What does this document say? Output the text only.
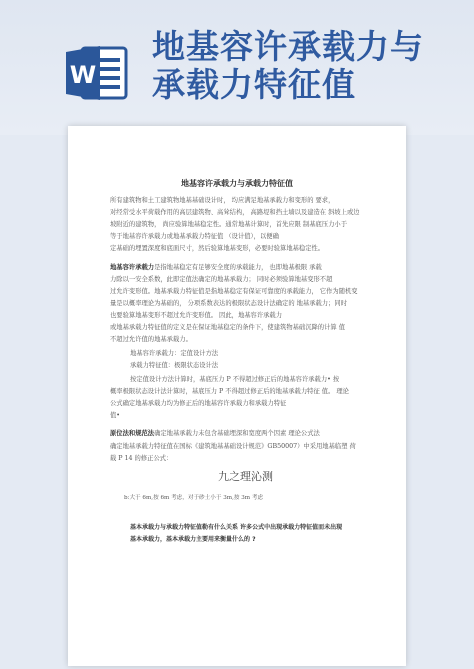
W
地基容许承载力与
承载力特征值
地基容许承载力与承载力特征值
所有建筑物和土工建筑物地基基础设计时， 均应满足地基承载力和变形的 要求，
对经常受水平荷载作用的高层建筑物、高耸结构， 高路堤和挡土墙以及建造在 斜坡上或边
坡附近的建筑物， 尚应验算地基稳定性。通常地基计算时，首先应限 制基底压力小于
等于地基容许承载力或地基承载力特征值 （设计值），以便确
定基础的埋置深度和底面尺寸，然后验算地基变形，必要时验算地基稳定性。
地基容许承载力是指地基稳定有足够安全度的承载能力， 也即地基极限 承载
力除以一安全系数，此即定值法确定的地基承载力； 同时必须验算地基变形不超
过允许变形值。地基承载力特征值是指地基稳定有保证可靠度的承载能力， 它作为随机变
量是以概率理论为基础的， 分项系数表达的极限状态设计法确定的 地基承载力；同时
也要验算地基变形不超过允许变形值。 因此，地基容许承载力
或地基承载力特征值的定义是在保证地基稳定的条件下，使建筑物基础沉降的计算 值
不超过允许值的地基承载力。
地基容许承载力：定值设计方法
承载力特征值：极限状态设计法
按定值设计方法计算时，基底压力 P 不得超过修正后的地基容许承载力• 按
概率极限状态设计法计算时，基底压力 P 不得超过修正后的地基承载力特征 值。 理论
公式确定地基承载力均为修正后的地基容许承载力和承载力特征
值•
原位法和规范法确定地基承载力未包含基础埋深和宽度两个因素 理论公式法
确定地基承载力特征值在国标《建筑地基基础设计规范》GB50007）中采用地基临塑 荷
载 P 14 的修正公式：
九之理沁测
b:大于 6m,按 6m 考虑，对于砂土小于 3m,按 3m 考虑
基本承载力与承载力特征值勒有什么关系 许多公式中出现承载力特征值而未出现
基本承载力，基本承载力主要用来衡量什么的 ?
